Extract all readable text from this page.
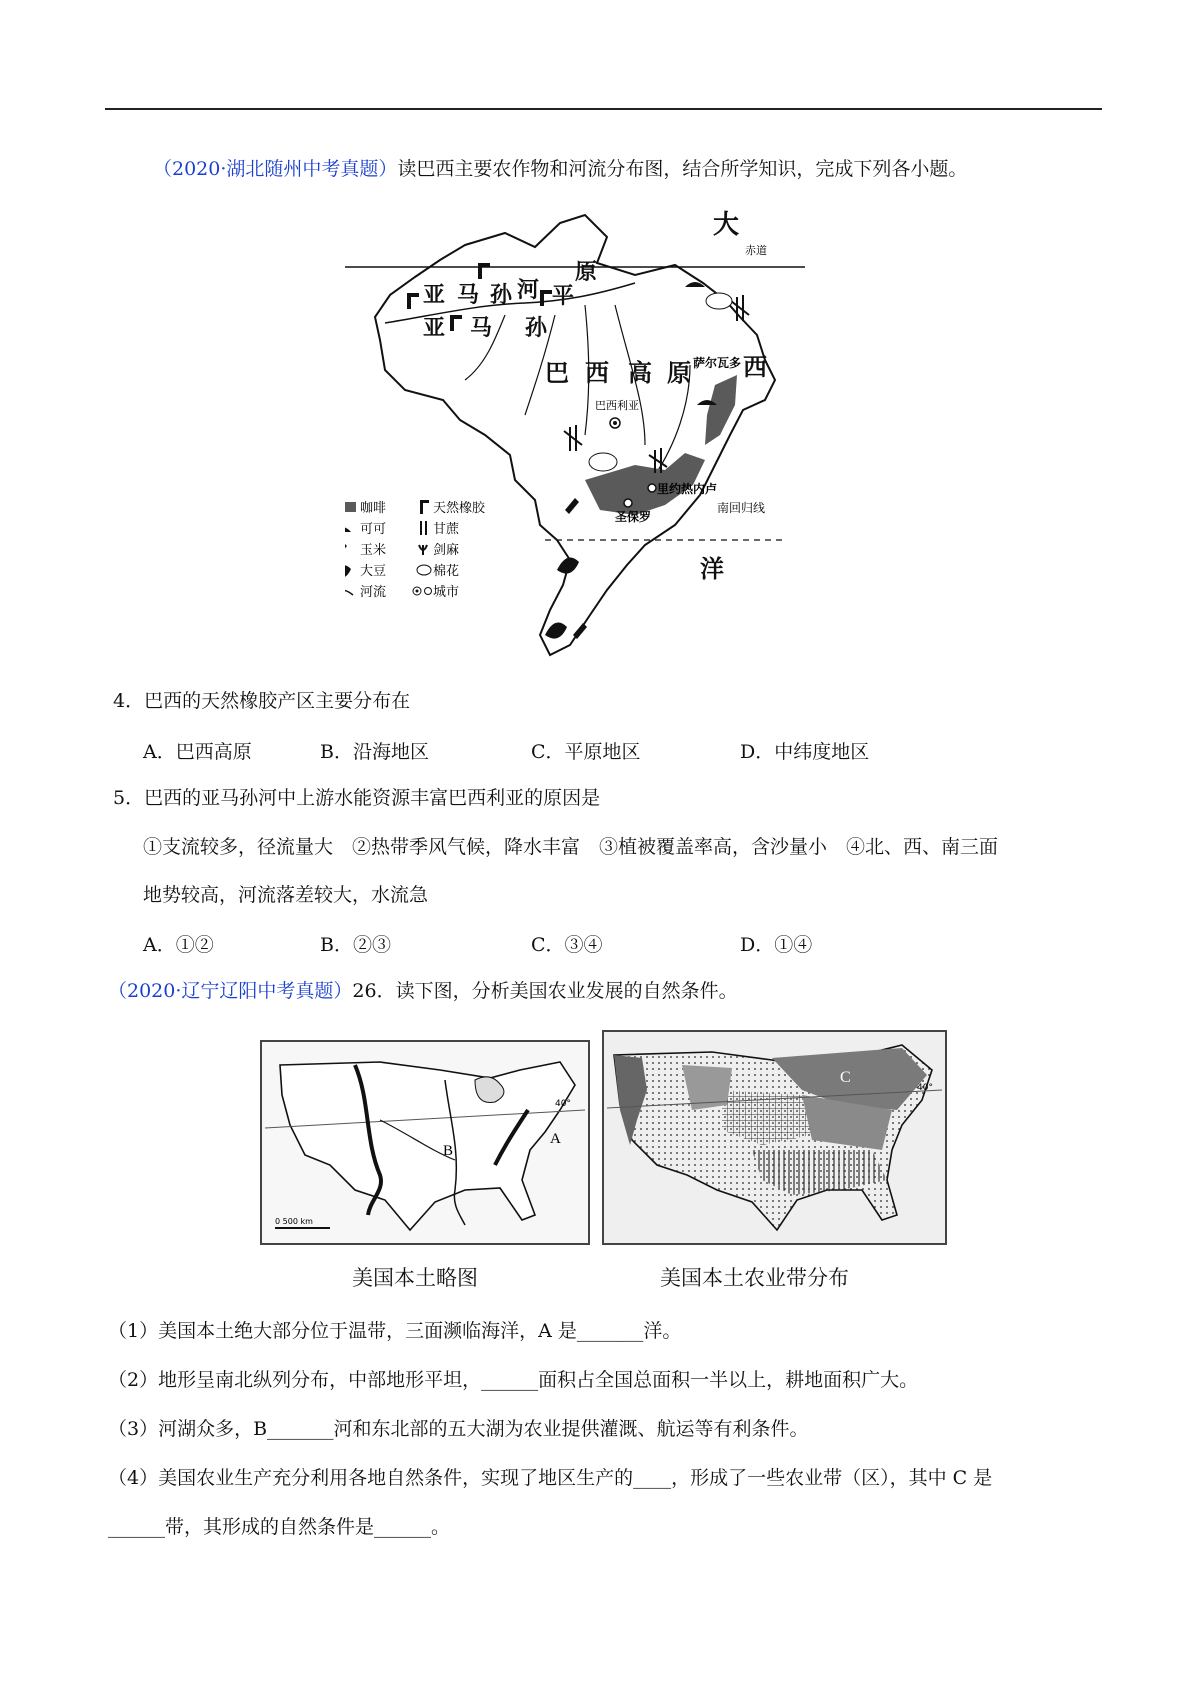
（2020·湖北随州中考真题）读巴西主要农作物和河流分布图，结合所学知识，完成下列各小题。
大
赤道
原
河
亚 马 孙 平
亚 马 孙
巴 西 高 原 萨尔瓦多 西
巴西利亚
里约热内卢
圣保罗
南回归线
洋
咖啡	天然橡胶
可可	甘蔗
玉米	剑麻
大豆	棉花
河流	城市
4．巴西的天然橡胶产区主要分布在
A．巴西高原	B．沿海地区	C．平原地区	D．中纬度地区
5．巴西的亚马孙河中上游水能资源丰富巴西利亚的原因是
①支流较多，径流量大　②热带季风气候，降水丰富　③植被覆盖率高，含沙量小　④北、西、南三面
地势较高，河流落差较大，水流急
A．①②	B．②③	C．③④	D．①④
（2020·辽宁辽阳中考真题）26．读下图，分析美国农业发展的自然条件。
A
B
40°
0 500 km
C
40°
美国本土略图	美国本土农业带分布
（1）美国本土绝大部分位于温带，三面濒临海洋，A 是_______洋。
（2）地形呈南北纵列分布，中部地形平坦，______面积占全国总面积一半以上，耕地面积广大。
（3）河湖众多，B_______河和东北部的五大湖为农业提供灌溉、航运等有利条件。
（4）美国农业生产充分利用各地自然条件，实现了地区生产的____，形成了一些农业带（区），其中 C 是
______带，其形成的自然条件是______。
